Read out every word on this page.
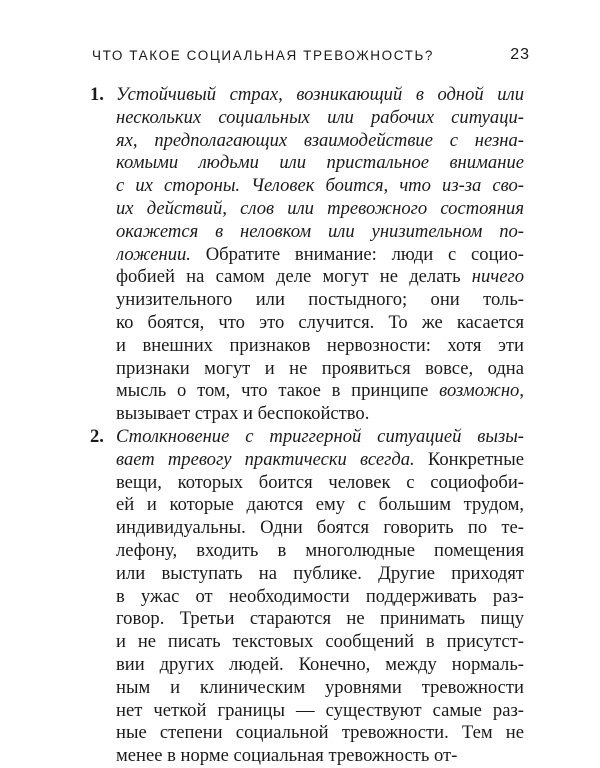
ЧТО ТАКОЕ СОЦИАЛЬНАЯ ТРЕВОЖНОСТЬ?	23
1. Устойчивый страх, возникающий в одной или
нескольких социальных или рабочих ситуаци-
ях, предполагающих взаимодействие с незна-
комыми людьми или пристальное внимание
с их стороны. Человек боится, что из-за сво-
их действий, слов или тревожного состояния
окажется в неловком или унизительном по-
ложении. Обратите внимание: люди с социо-
фобией на самом деле могут не делать ничего
унизительного или постыдного; они толь-
ко боятся, что это случится. То же касается
и внешних признаков нервозности: хотя эти
признаки могут и не проявиться вовсе, одна
мысль о том, что такое в принципе возможно,
вызывает страх и беспокойство.
2. Столкновение с триггерной ситуацией вызы-
вает тревогу практически всегда. Конкретные
вещи, которых боится человек с социофоби-
ей и которые даются ему с большим трудом,
индивидуальны. Одни боятся говорить по те-
лефону, входить в многолюдные помещения
или выступать на публике. Другие приходят
в ужас от необходимости поддерживать раз-
говор. Третьи стараются не принимать пищу
и не писать текстовых сообщений в присутст-
вии других людей. Конечно, между нормаль-
ным и клиническим уровнями тревожности
нет четкой границы — существуют самые раз-
ные степени социальной тревожности. Тем не
менее в норме социальная тревожность от-
